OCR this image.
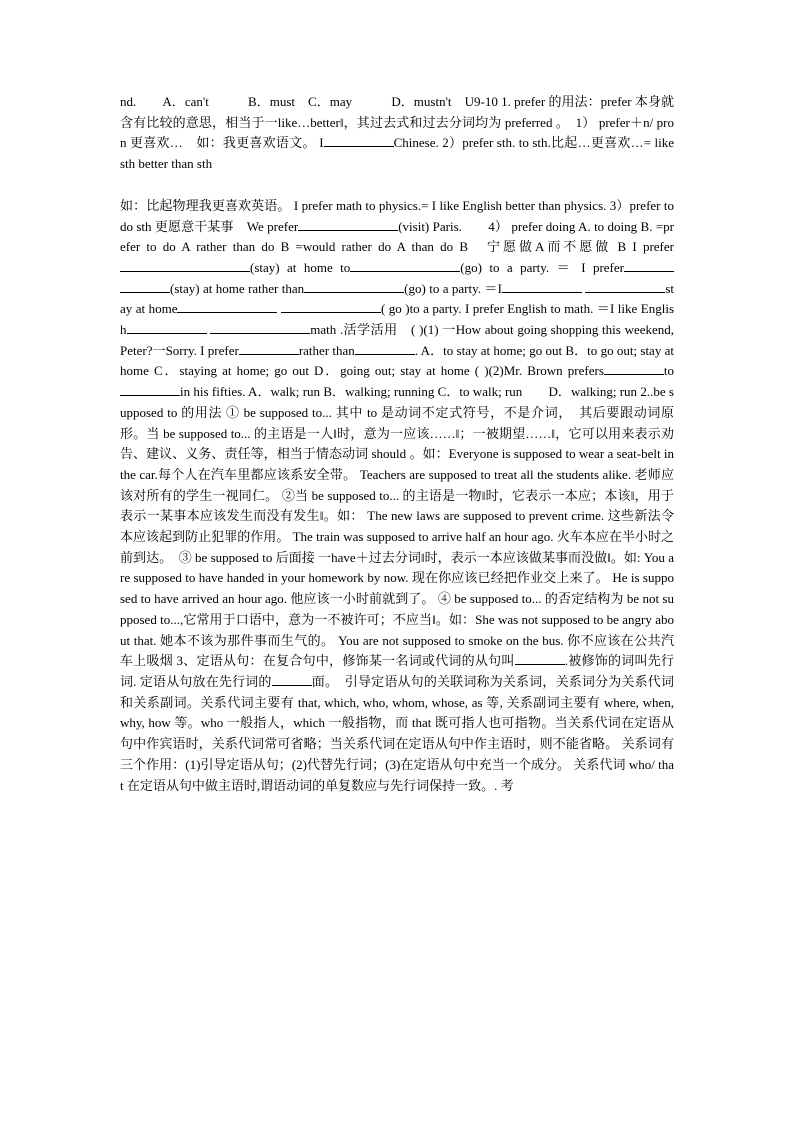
nd.　　A．can't　　　B．must　C．may　　　D．mustn't　U9-10 1. prefer 的用法：prefer 本身就含有比较的意思，相当于一like…better‖，其过去式和过去分词均为 preferred 。　1） prefer＋n/ pron 更喜欢…　如：我更喜欢语文。 I	Chinese. 2）prefer sth. to sth.比起…更喜欢…= like sth better than sth

如：比起物理我更喜欢英语。 I prefer math to physics.= I like English better than physics. 3）prefer to do sth 更愿意干某事　We prefer	(visit) Paris.　　4） prefer doing A. to doing B. =prefer to do A rather than do B =would rather do A than do B　宁愿做A而不愿做 B I prefer(stay) at home to	(go) to a party. ＝ I prefer (stay) at home rather than	(go) to a party. ＝I	stay at home	( go )to a party. I prefer English to math. ＝I like English	math .活学活用　( )(1) 一How about going shopping this weekend, Peter?一Sorry. I prefer	rather than	. A．to stay at home; go out B．to go out; stay at home C．staying at home; go out D．going out; stay at home ( )(2)Mr. Brown prefers	toin his fifties. A．walk; run B．walking; running C．to walk; run　　D．walking; run 2..be supposed to 的用法 ① be supposed to... 其中 to 是动词不定式符号，不是介词，　其后要跟动词原形。当 be supposed to... 的主语是一人‖时，意为一应该……‖；一被期望……‖，它可以用来表示劝告、建议、义务、责任等，相当于情态动词 should 。如：Everyone is supposed to wear a seat-belt in the car.每个人在汽车里都应该系安全带。 Teachers are supposed to treat all the students alike. 老师应该对所有的学生一视同仁。 ②当 be supposed to... 的主语是一物‖时，它表示一本应；本该‖，用于表示一某事本应该发生而没有发生‖。如： The new laws are supposed to prevent crime. 这些新法令本应该起到防止犯罪的作用。 The train was supposed to arrive half an hour ago. 火车本应在半小时之前到达。　③ be supposed to 后面接 一have＋过去分词‖时，表示一本应该做某事而没做‖。如: You are supposed to have handed in your homework by now. 现在你应该已经把作业交上来了。 He is supposed to have arrived an hour ago. 他应该一小时前就到了。 ④ be supposed to... 的否定结构为 be not supposed to...,它常用于口语中，意为一不被许可；不应当‖。如：She was not supposed to be angry about that. 她本不该为那件事而生气的。 You are not supposed to smoke on the bus. 你不应该在公共汽车上吸烟 3、定语从句：在复合句中，修饰某一名词或代词的从句叫	.被修饰的词叫先行词. 定语从句放在先行词的	面。　引导定语从句的关联词称为关系词，关系词分为关系代词和关系副词。关系代词主要有 that, which, who, whom, whose, as 等, 关系副词主要有 where, when, why, how 等。who 一般指人，which 一般指物，而 that 既可指人也可指物。当关系代词在定语从句中作宾语时，关系代词常可省略；当关系代词在定语从句中作主语时，则不能省略。 关系词有三个作用：(1)引导定语从句；(2)代替先行词；(3)在定语从句中充当一个成分。 关系代词 who/ that 在定语从句中做主语时,谓语动词的单复数应与先行词保持一致。. 考
